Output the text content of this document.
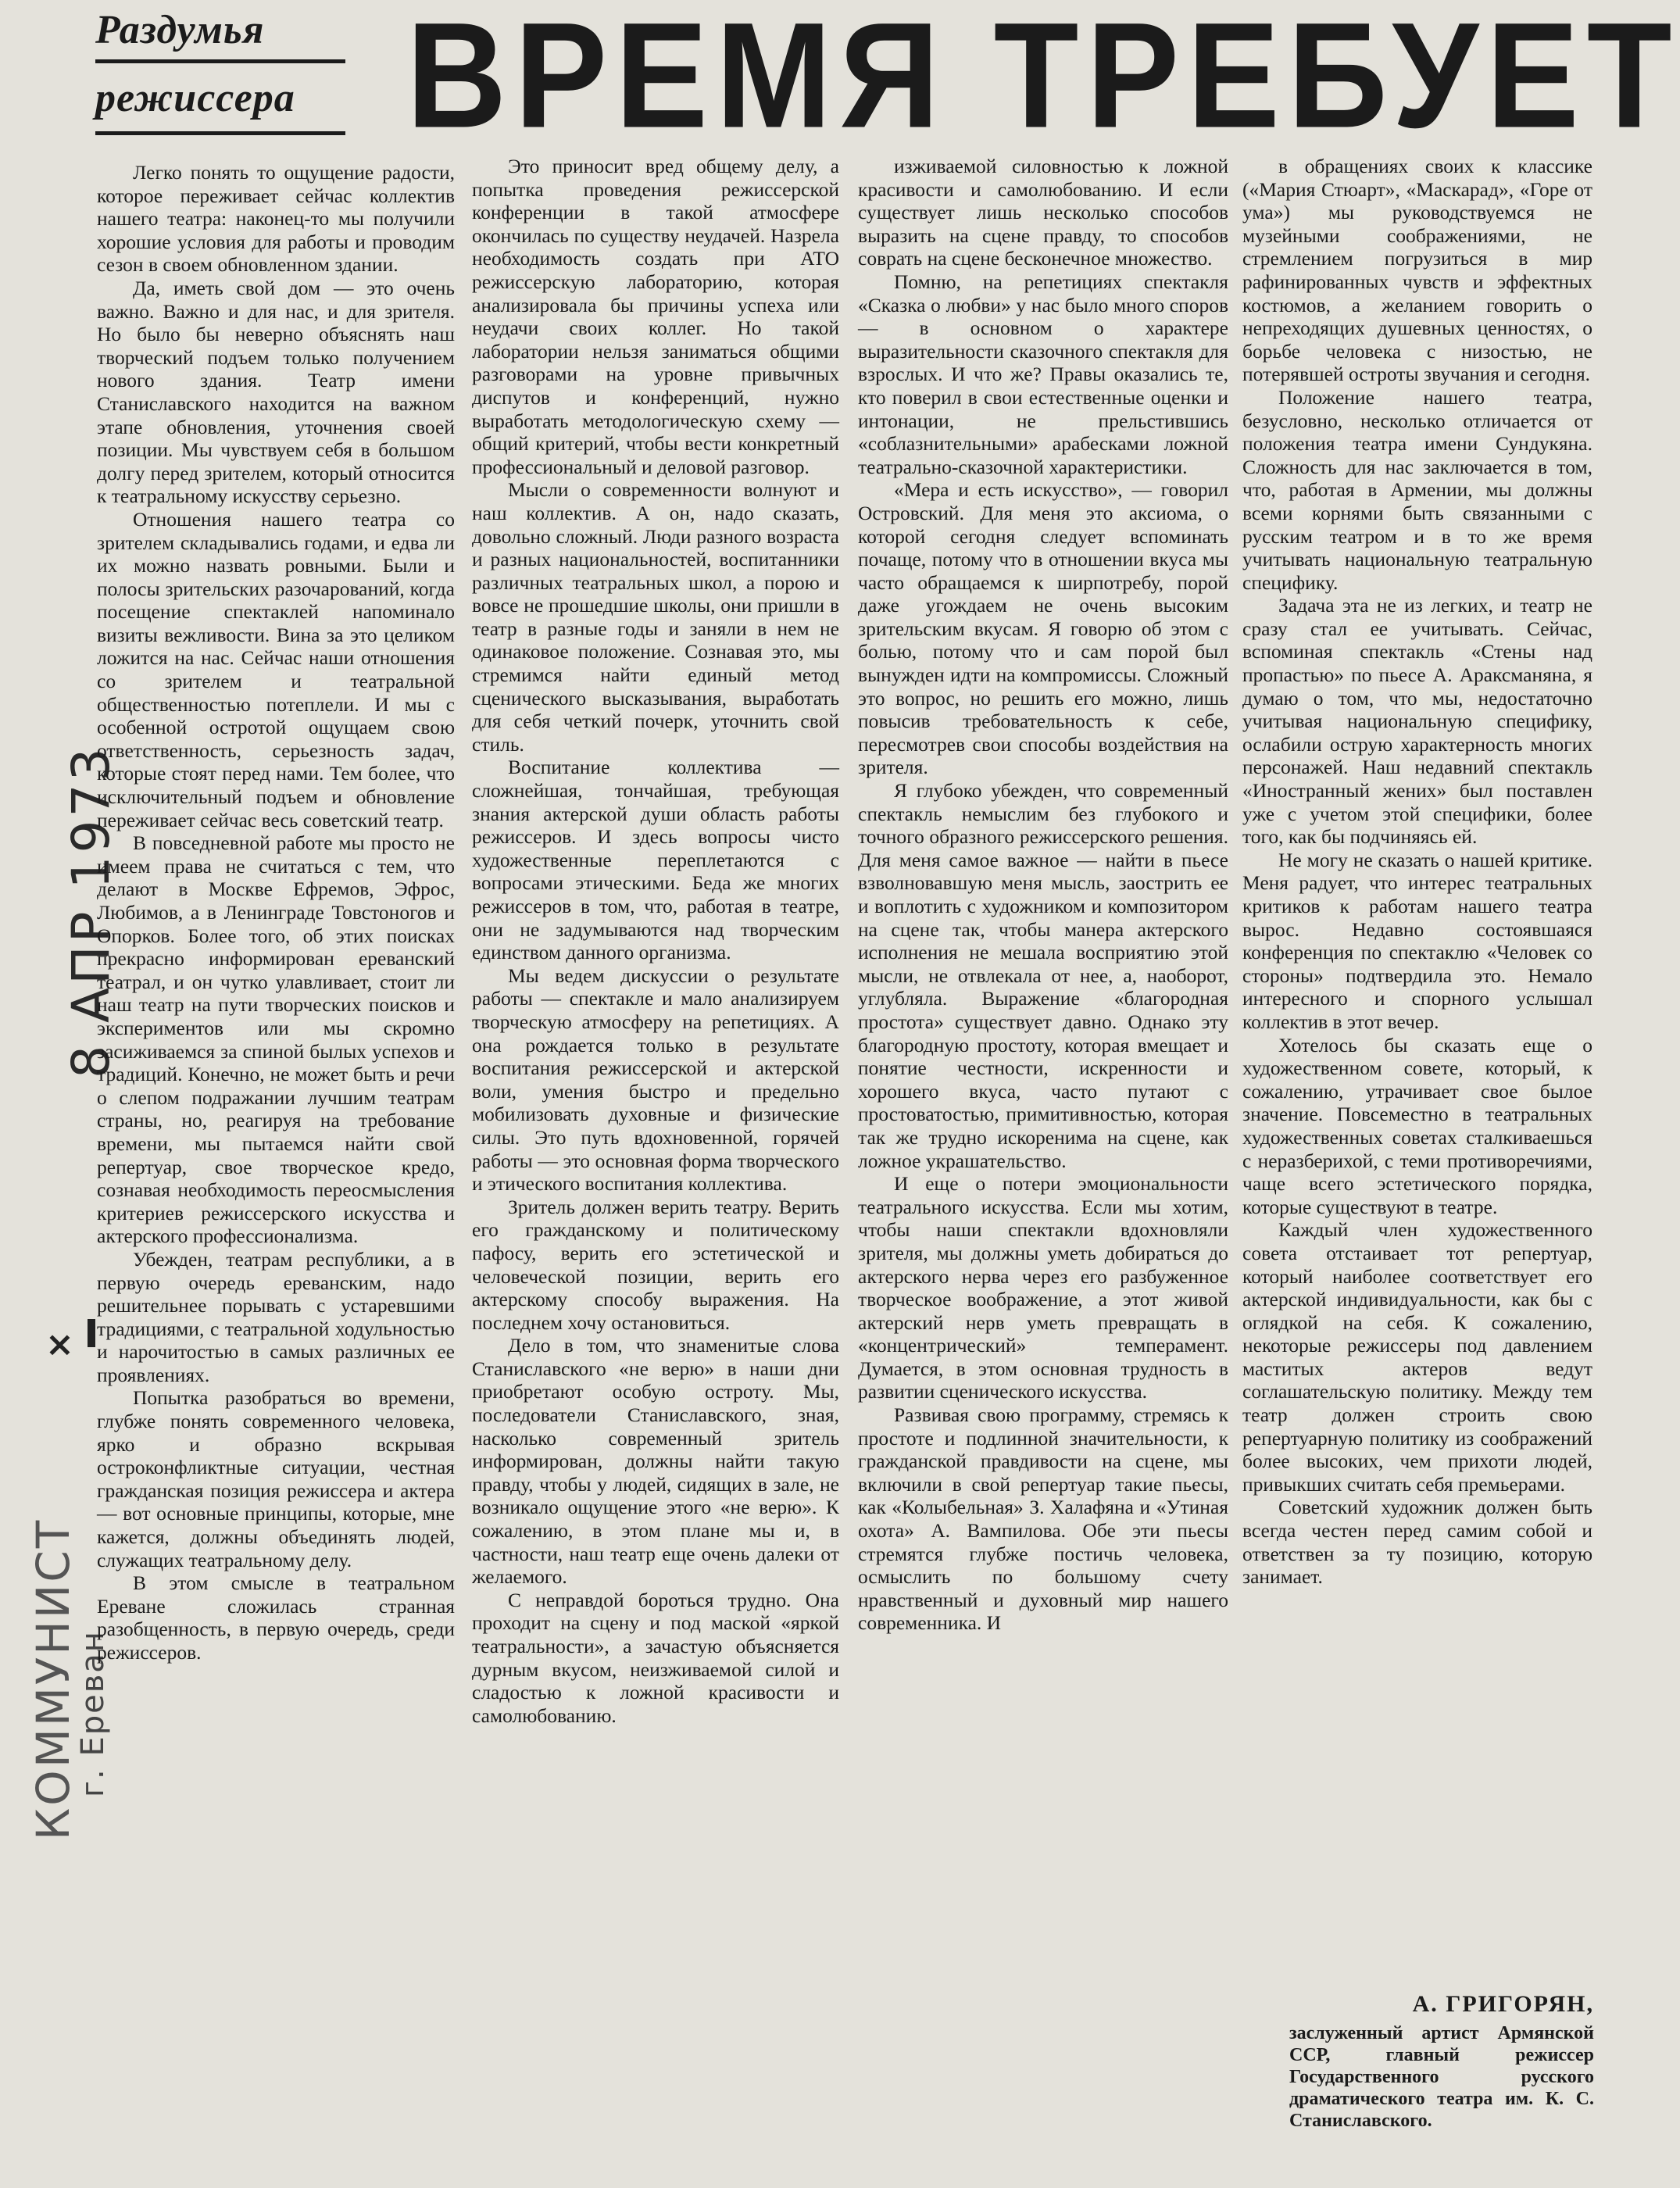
Раздумья
режиссера ВРЕМЯ ТРЕБУЕТ
8 АПР 1973
×
КОММУНИСТ
г. Ереван

Легко понять то ощущение радости, которое переживает сейчас коллектив нашего театра: наконец-то мы получили хорошие условия для работы и проводим сезон в своем обновленном здании.

Да, иметь свой дом — это очень важно. Важно и для нас, и для зрителя. Но было бы неверно объяснять наш творческий подъем только получением нового здания. Театр имени Станиславского находится на важном этапе обновления, уточнения своей позиции. Мы чувствуем себя в большом долгу перед зрителем, который относится к театральному искусству серьезно.

Отношения нашего театра со зрителем складывались годами, и едва ли их можно назвать ровными. Были и полосы зрительских разочарований, когда посещение спектаклей напоминало визиты вежливости. Вина за это целиком ложится на нас. Сейчас наши отношения со зрителем и театральной общественностью потеплели. И мы с особенной остротой ощущаем свою ответственность, серьезность задач, которые стоят перед нами. Тем более, что исключительный подъем и обновление переживает сейчас весь советский театр.

В повседневной работе мы просто не имеем права не считаться с тем, что делают в Москве Ефремов, Эфрос, Любимов, а в Ленинграде Товстоногов и Опорков. Более того, об этих поисках прекрасно информирован ереванский театрал, и он чутко улавливает, стоит ли наш театр на пути творческих поисков и экспериментов или мы скромно засиживаемся за спиной былых успехов и традиций. Конечно, не может быть и речи о слепом подражании лучшим театрам страны, но, реагируя на требование времени, мы пытаемся найти свой репертуар, свое творческое кредо, сознавая необходимость переосмысления критериев режиссерского искусства и актерского профессионализма.

Убежден, театрам республики, а в первую очередь ереванским, надо решительнее порывать с устаревшими традициями, с театральной ходульностью и нарочитостью в самых различных ее проявлениях.

Попытка разобраться во времени, глубже понять современного человека, ярко и образно вскрывая остроконфликтные ситуации, честная гражданская позиция режиссера и актера — вот основные принципы, которые, мне кажется, должны объединять людей, служащих театральному делу.

В этом смысле в театральном Ереване сложилась странная разобщенность, в первую очередь, среди режиссеров.

Это приносит вред общему делу, а попытка проведения режиссерской конференции в такой атмосфере окончилась по существу неудачей. Назрела необходимость создать при АТО режиссерскую лабораторию, которая анализировала бы причины успеха или неудачи своих коллег. Но такой лаборатории нельзя заниматься общими разговорами на уровне привычных диспутов и конференций, нужно выработать методологическую схему — общий критерий, чтобы вести конкретный профессиональный и деловой разговор.

Мысли о современности волнуют и наш коллектив. А он, надо сказать, довольно сложный. Люди разного возраста и разных национальностей, воспитанники различных театральных школ, а порою и вовсе не прошедшие школы, они пришли в театр в разные годы и заняли в нем не одинаковое положение. Сознавая это, мы стремимся найти единый метод сценического высказывания, выработать для себя четкий почерк, уточнить свой стиль.

Воспитание коллектива — сложнейшая, тончайшая, требующая знания актерской души область работы режиссеров. И здесь вопросы чисто художественные переплетаются с вопросами этическими. Беда же многих режиссеров в том, что, работая в театре, они не задумываются над творческим единством данного организма.

Мы ведем дискуссии о результате работы — спектакле и мало анализируем творческую атмосферу на репетициях. А она рождается только в результате воспитания режиссерской и актерской воли, умения быстро и предельно мобилизовать духовные и физические силы. Это путь вдохновенной, горячей работы — это основная форма творческого и этического воспитания коллектива.

Зритель должен верить театру. Верить его гражданскому и политическому пафосу, верить его эстетической и человеческой позиции, верить его актерскому способу выражения. На последнем хочу остановиться.

Дело в том, что знаменитые слова Станиславского «не верю» в наши дни приобретают особую остроту. Мы, последователи Станиславского, зная, насколько современный зритель информирован, должны найти такую правду, чтобы у людей, сидящих в зале, не возникало ощущение этого «не верю». К сожалению, в этом плане мы и, в частности, наш театр еще очень далеки от желаемого.

С неправдой бороться трудно. Она проходит на сцену и под маской «яркой театральности», а зачастую объясняется дурным вкусом, неизживаемой силой и сладостью к ложной красивости и самолюбованию.

изживаемой силовностью к ложной красивости и самолюбованию. И если существует лишь несколько способов выразить на сцене правду, то способов соврать на сцене бесконечное множество.

Помню, на репетициях спектакля «Сказка о любви» у нас было много споров — в основном о характере выразительности сказочного спектакля для взрослых. И что же? Правы оказались те, кто поверил в свои естественные оценки и интонации, не прельстившись «соблазнительными» арабесками ложной театрально-сказочной характеристики.

«Мера и есть искусство», — говорил Островский. Для меня это аксиома, о которой сегодня следует вспоминать почаще, потому что в отношении вкуса мы часто обращаемся к ширпотребу, порой даже угождаем не очень высоким зрительским вкусам. Я говорю об этом с болью, потому что и сам порой был вынужден идти на компромиссы. Сложный это вопрос, но решить его можно, лишь повысив требовательность к себе, пересмотрев свои способы воздействия на зрителя.

Я глубоко убежден, что современный спектакль немыслим без глубокого и точного образного режиссерского решения. Для меня самое важное — найти в пьесе взволновавшую меня мысль, заострить ее и воплотить с художником и композитором на сцене так, чтобы манера актерского исполнения не мешала восприятию этой мысли, не отвлекала от нее, а, наоборот, углубляла. Выражение «благородная простота» существует давно. Однако эту благородную простоту, которая вмещает и понятие честности, искренности и хорошего вкуса, часто путают с простоватостью, примитивностью, которая так же трудно искоренима на сцене, как ложное украшательство.

И еще о потери эмоциональности театрального искусства. Если мы хотим, чтобы наши спектакли вдохновляли зрителя, мы должны уметь добираться до актерского нерва через его разбуженное творческое воображение, а этот живой актерский нерв уметь превращать в «концентрический» темперамент. Думается, в этом основная трудность в развитии сценического искусства.

Развивая свою программу, стремясь к простоте и подлинной значительности, к гражданской правдивости на сцене, мы включили в свой репертуар такие пьесы, как «Колыбельная» З. Халафяна и «Утиная охота» А. Вампилова. Обе эти пьесы стремятся глубже постичь человека, осмыслить по большому счету нравственный и духовный мир нашего современника. И

в обращениях своих к классике («Мария Стюарт», «Маскарад», «Горе от ума») мы руководствуемся не музейными соображениями, не стремлением погрузиться в мир рафинированных чувств и эффектных костюмов, а желанием говорить о непреходящих душевных ценностях, о борьбе человека с низостью, не потерявшей остроты звучания и сегодня.

Положение нашего театра, безусловно, несколько отличается от положения театра имени Сундукяна. Сложность для нас заключается в том, что, работая в Армении, мы должны всеми корнями быть связанными с русским театром и в то же время учитывать национальную театральную специфику.

Задача эта не из легких, и театр не сразу стал ее учитывать. Сейчас, вспоминая спектакль «Стены над пропастью» по пьесе А. Араксманяна, я думаю о том, что мы, недостаточно учитывая национальную специфику, ослабили острую характерность многих персонажей. Наш недавний спектакль «Иностранный жених» был поставлен уже с учетом этой специфики, более того, как бы подчиняясь ей.

Не могу не сказать о нашей критике. Меня радует, что интерес театральных критиков к работам нашего театра вырос. Недавно состоявшаяся конференция по спектаклю «Человек со стороны» подтвердила это. Немало интересного и спорного услышал коллектив в этот вечер.

Хотелось бы сказать еще о художественном совете, который, к сожалению, утрачивает свое былое значение. Повсеместно в театральных художественных советах сталкиваешься с неразберихой, с теми противоречиями, чаще всего эстетического порядка, которые существуют в театре.

Каждый член художественного совета отстаивает тот репертуар, который наиболее соответствует его актерской индивидуальности, как бы с оглядкой на себя. К сожалению, некоторые режиссеры под давлением маститых актеров ведут соглашательскую политику. Между тем театр должен строить свою репертуарную политику из соображений более высоких, чем прихоти людей, привыкших считать себя премьерами.

Советский художник должен быть всегда честен перед самим собой и ответствен за ту позицию, которую занимает.

А. ГРИГОРЯН,
заслуженный артист Армянской ССР, главный режиссер Государственного русского драматического театра им. К. С. Станиславского.
